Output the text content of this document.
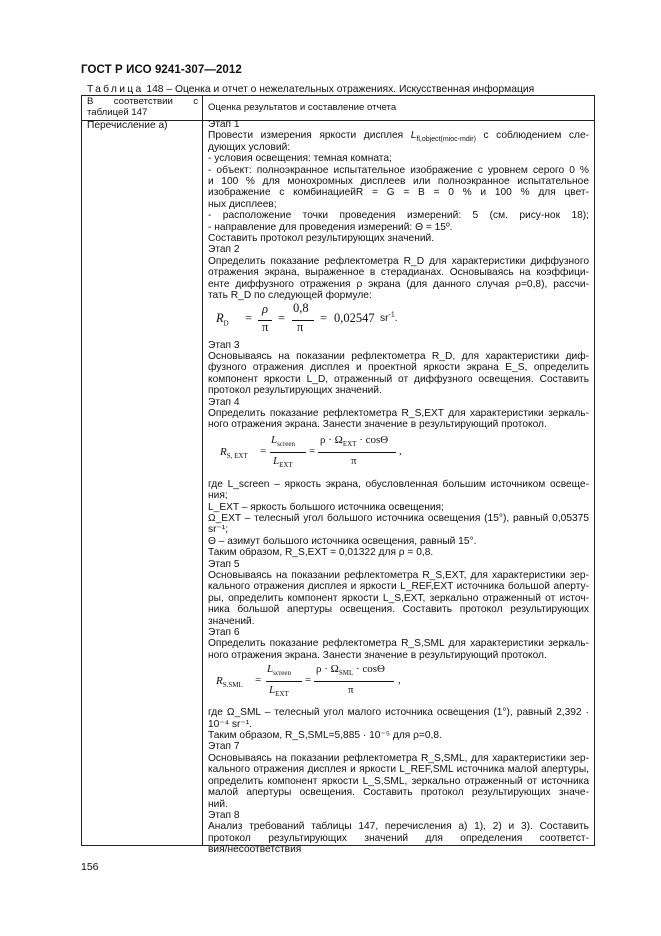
ГОСТ Р ИСО 9241-307—2012
Таблица 148 – Оценка и отчет о нежелательных отражениях. Искусственная информация
В соответствии с
таблицей 147	Оценка результатов и составление отчета
Перечисление а)	Этап 1

Провести измерения яркости дисплея $L_{fl,object(mioc-mdir)}$ с соблюдением сле-

дующих условий:

- условия освещения: темная комната;

- объект: полноэкранное испытательное изображение с уровнем серого 0 %

и 100 % для монохромных дисплеев или полноэкранное испытательное

изображение с комбинациейR = G = B = 0 % и 100 % для цвет-

ных дисплеев;

- расположение точки проведения измерений: 5 (см. рису-нок 18);

- направление для проведения измерений: Θ = 15º.

Составить протокол результирующих значений.

Этап 2

Определить показание рефлектометра R_D для характеристики диффузного

отражения экрана, выраженное в стерадианах. Основываясь на коэффици-

енте диффузного отражения ρ экрана (для данного случая ρ=0,8), рассчи-

тать R_D по следующей формуле:

$R_D$ =
ρ
π
=
0,8
π
= 0,02547 $sr^{-1}$.

Этап 3

Основываясь на показании рефлектометра R_D, для характеристики диф-

фузного отражения дисплея и проектной яркости экрана E_S, определить

компонент яркости L_D, отраженный от диффузного освещения. Составить

протокол результирующих значений.

Этап 4

Определить показание рефлектометра R_S,EXT для характеристики зеркаль-

ного отражения экрана. Занести значение в результирующий протокол.

$R_{S, EXT}$ =
$L_{screen}$
$L_{EXT}$
=
$\rho \cdot \Omega_{EXT} \cdot \cos\Theta$
π
,

где L_screen – яркость экрана, обусловленная большим источником освеще-

ния;

L_EXT – яркость большого источника освещения;

Ω_EXT – телесный угол большого источника освещения (15°), равный 0,05375

sr⁻¹;

Θ – азимут большого источника освещения, равный 15°.

Таким образом, R_S,EXT = 0,01322 для ρ = 0,8.

Этап 5

Основываясь на показании рефлектометра R_S,EXT, для характеристики зер-

кального отражения дисплея и яркости L_REF,EXT источника большой аперту-

ры, определить компонент яркости L_S,EXT, зеркально отраженный от источ-

ника большой апертуры освещения. Составить протокол результирующих

значений.

Этап 6

Определить показание рефлектометра R_S,SML для характеристики зеркаль-

ного отражения экрана. Занести значение в результирующий протокол.

$R_{S.SML}$ =
$L_{screen}$
$L_{EXT}$
=
$\rho \cdot \Omega_{SML} \cdot \cos\Theta$
π
,

где Ω_SML – телесный угол малого источника освещения (1°), равный 2,392 ·

10⁻⁴ sr⁻¹.

Таким образом, R_S,SML=5,885 · 10⁻⁵ для ρ=0,8.

Этап 7

Основываясь на показании рефлектометра R_S,SML, для характеристики зер-

кального отражения дисплея и яркости L_REF,SML источника малой апертуры,

определить компонент яркости L_S,SML, зеркально отраженный от источника

малой апертуры освещения. Составить протокол результирующих значе-

ний.

Этап 8

Анализ требований таблицы 147, перечисления а) 1), 2) и 3). Составить

протокол результирующих значений для определения соответст-

вия/несоответствия

156
